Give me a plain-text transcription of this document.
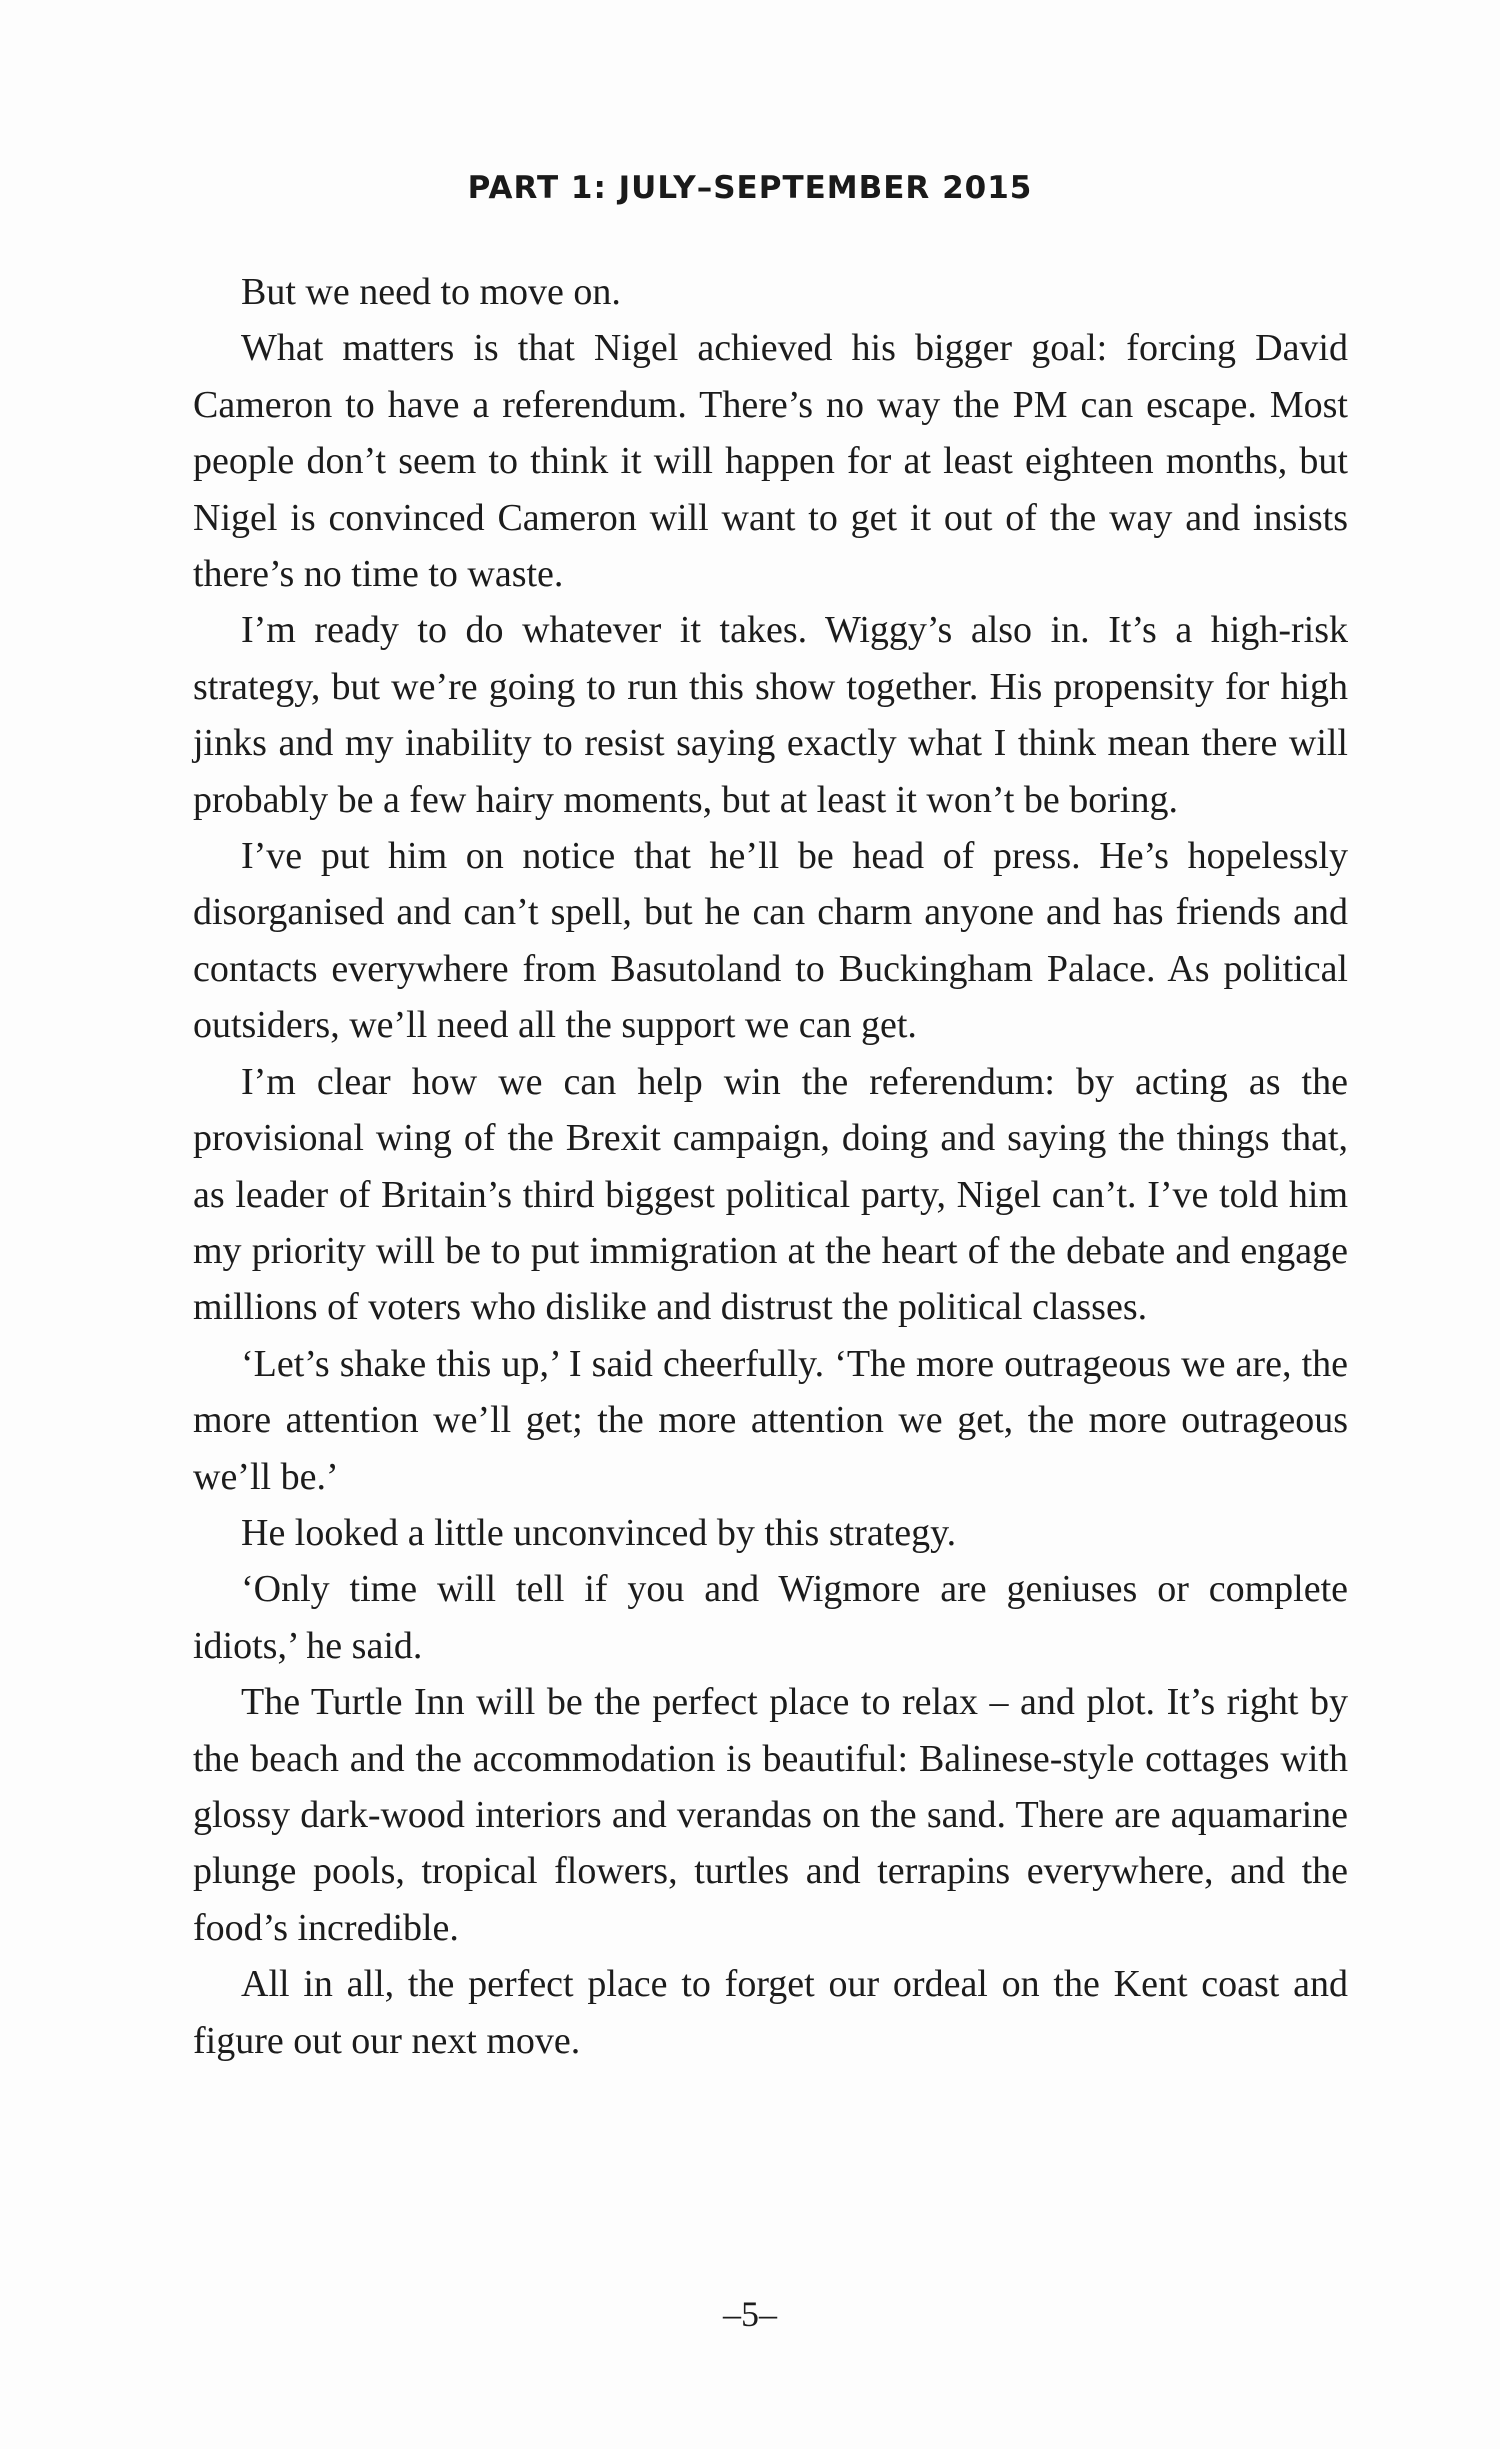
PART 1: JULY–SEPTEMBER 2015

But we need to move on.

What matters is that Nigel achieved his bigger goal: forcing David Cameron to have a referendum. There’s no way the PM can escape. Most people don’t seem to think it will happen for at least eighteen months, but Nigel is convinced Cameron will want to get it out of the way and insists there’s no time to waste.

I’m ready to do whatever it takes. Wiggy’s also in. It’s a high-risk strategy, but we’re going to run this show together. His propensity for high jinks and my inability to resist saying exactly what I think mean there will probably be a few hairy moments, but at least it won’t be boring.

I’ve put him on notice that he’ll be head of press. He’s hopelessly disorganised and can’t spell, but he can charm anyone and has friends and contacts everywhere from Basutoland to Buckingham Palace. As political outsiders, we’ll need all the support we can get.

I’m clear how we can help win the referendum: by acting as the provisional wing of the Brexit campaign, doing and saying the things that, as leader of Britain’s third biggest political party, Nigel can’t. I’ve told him my priority will be to put immigration at the heart of the debate and engage millions of voters who dislike and distrust the political classes.

‘Let’s shake this up,’ I said cheerfully. ‘The more outrageous we are, the more attention we’ll get; the more attention we get, the more outrageous we’ll be.’

He looked a little unconvinced by this strategy.

‘Only time will tell if you and Wigmore are geniuses or complete idiots,’ he said.

The Turtle Inn will be the perfect place to relax – and plot. It’s right by the beach and the accommodation is beautiful: Balinese-style cottages with glossy dark-wood interiors and verandas on the sand. There are aquamarine plunge pools, tropical flowers, turtles and terrapins everywhere, and the food’s incredible.

All in all, the perfect place to forget our ordeal on the Kent coast and figure out our next move.

–5–
